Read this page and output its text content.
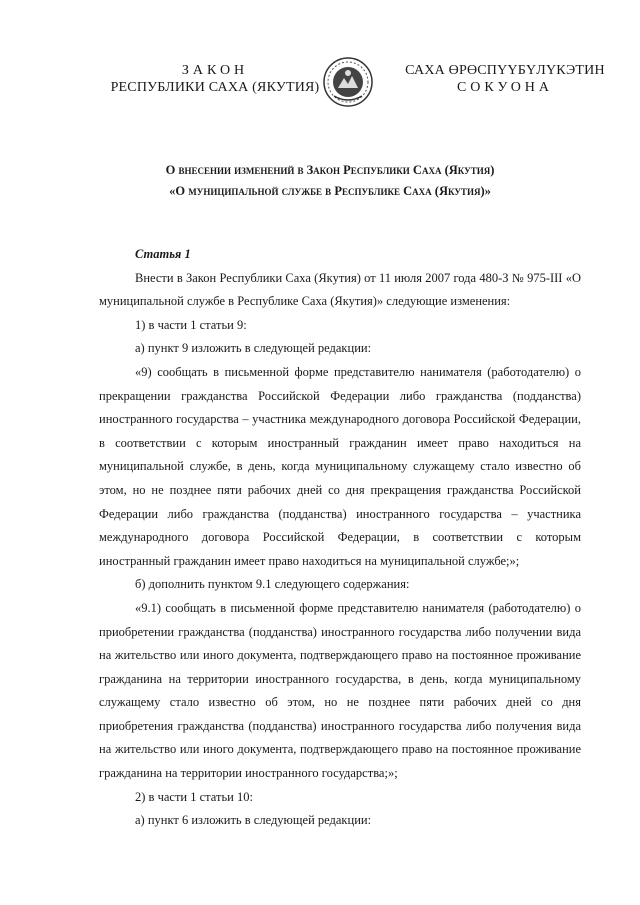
ЗАКОН
РЕСПУБЛИКИ САХА (ЯКУТИЯ)
САХА ӨРӨСПҮҮБҮЛҮКЭТИН
СОКУОНА
О внесении изменений в Закон Республики Саха (Якутия)
«О муниципальной службе в Республике Саха (Якутия)»

Статья 1

Внести в Закон Республики Саха (Якутия) от 11 июля 2007 года 480-З № 975-III «О муниципальной службе в Республике Саха (Якутия)» следующие изменения:

1) в части 1 статьи 9:

а) пункт 9 изложить в следующей редакции:

«9) сообщать в письменной форме представителю нанимателя (работодателю) о прекращении гражданства Российской Федерации либо гражданства (подданства) иностранного государства – участника международного договора Российской Федерации, в соответствии с которым иностранный гражданин имеет право находиться на муниципальной службе, в день, когда муниципальному служащему стало известно об этом, но не позднее пяти рабочих дней со дня прекращения гражданства Российской Федерации либо гражданства (подданства) иностранного государства – участника международного договора Российской Федерации, в соответствии с которым иностранный гражданин имеет право находиться на муниципальной службе;»;

б) дополнить пунктом 9.1 следующего содержания:

«9.1) сообщать в письменной форме представителю нанимателя (работодателю) о приобретении гражданства (подданства) иностранного государства либо получении вида на жительство или иного документа, подтверждающего право на постоянное проживание гражданина на территории иностранного государства, в день, когда муниципальному служащему стало известно об этом, но не позднее пяти рабочих дней со дня приобретения гражданства (подданства) иностранного государства либо получения вида на жительство или иного документа, подтверждающего право на постоянное проживание гражданина на территории иностранного государства;»;

2) в части 1 статьи 10:

а) пункт 6 изложить в следующей редакции:
